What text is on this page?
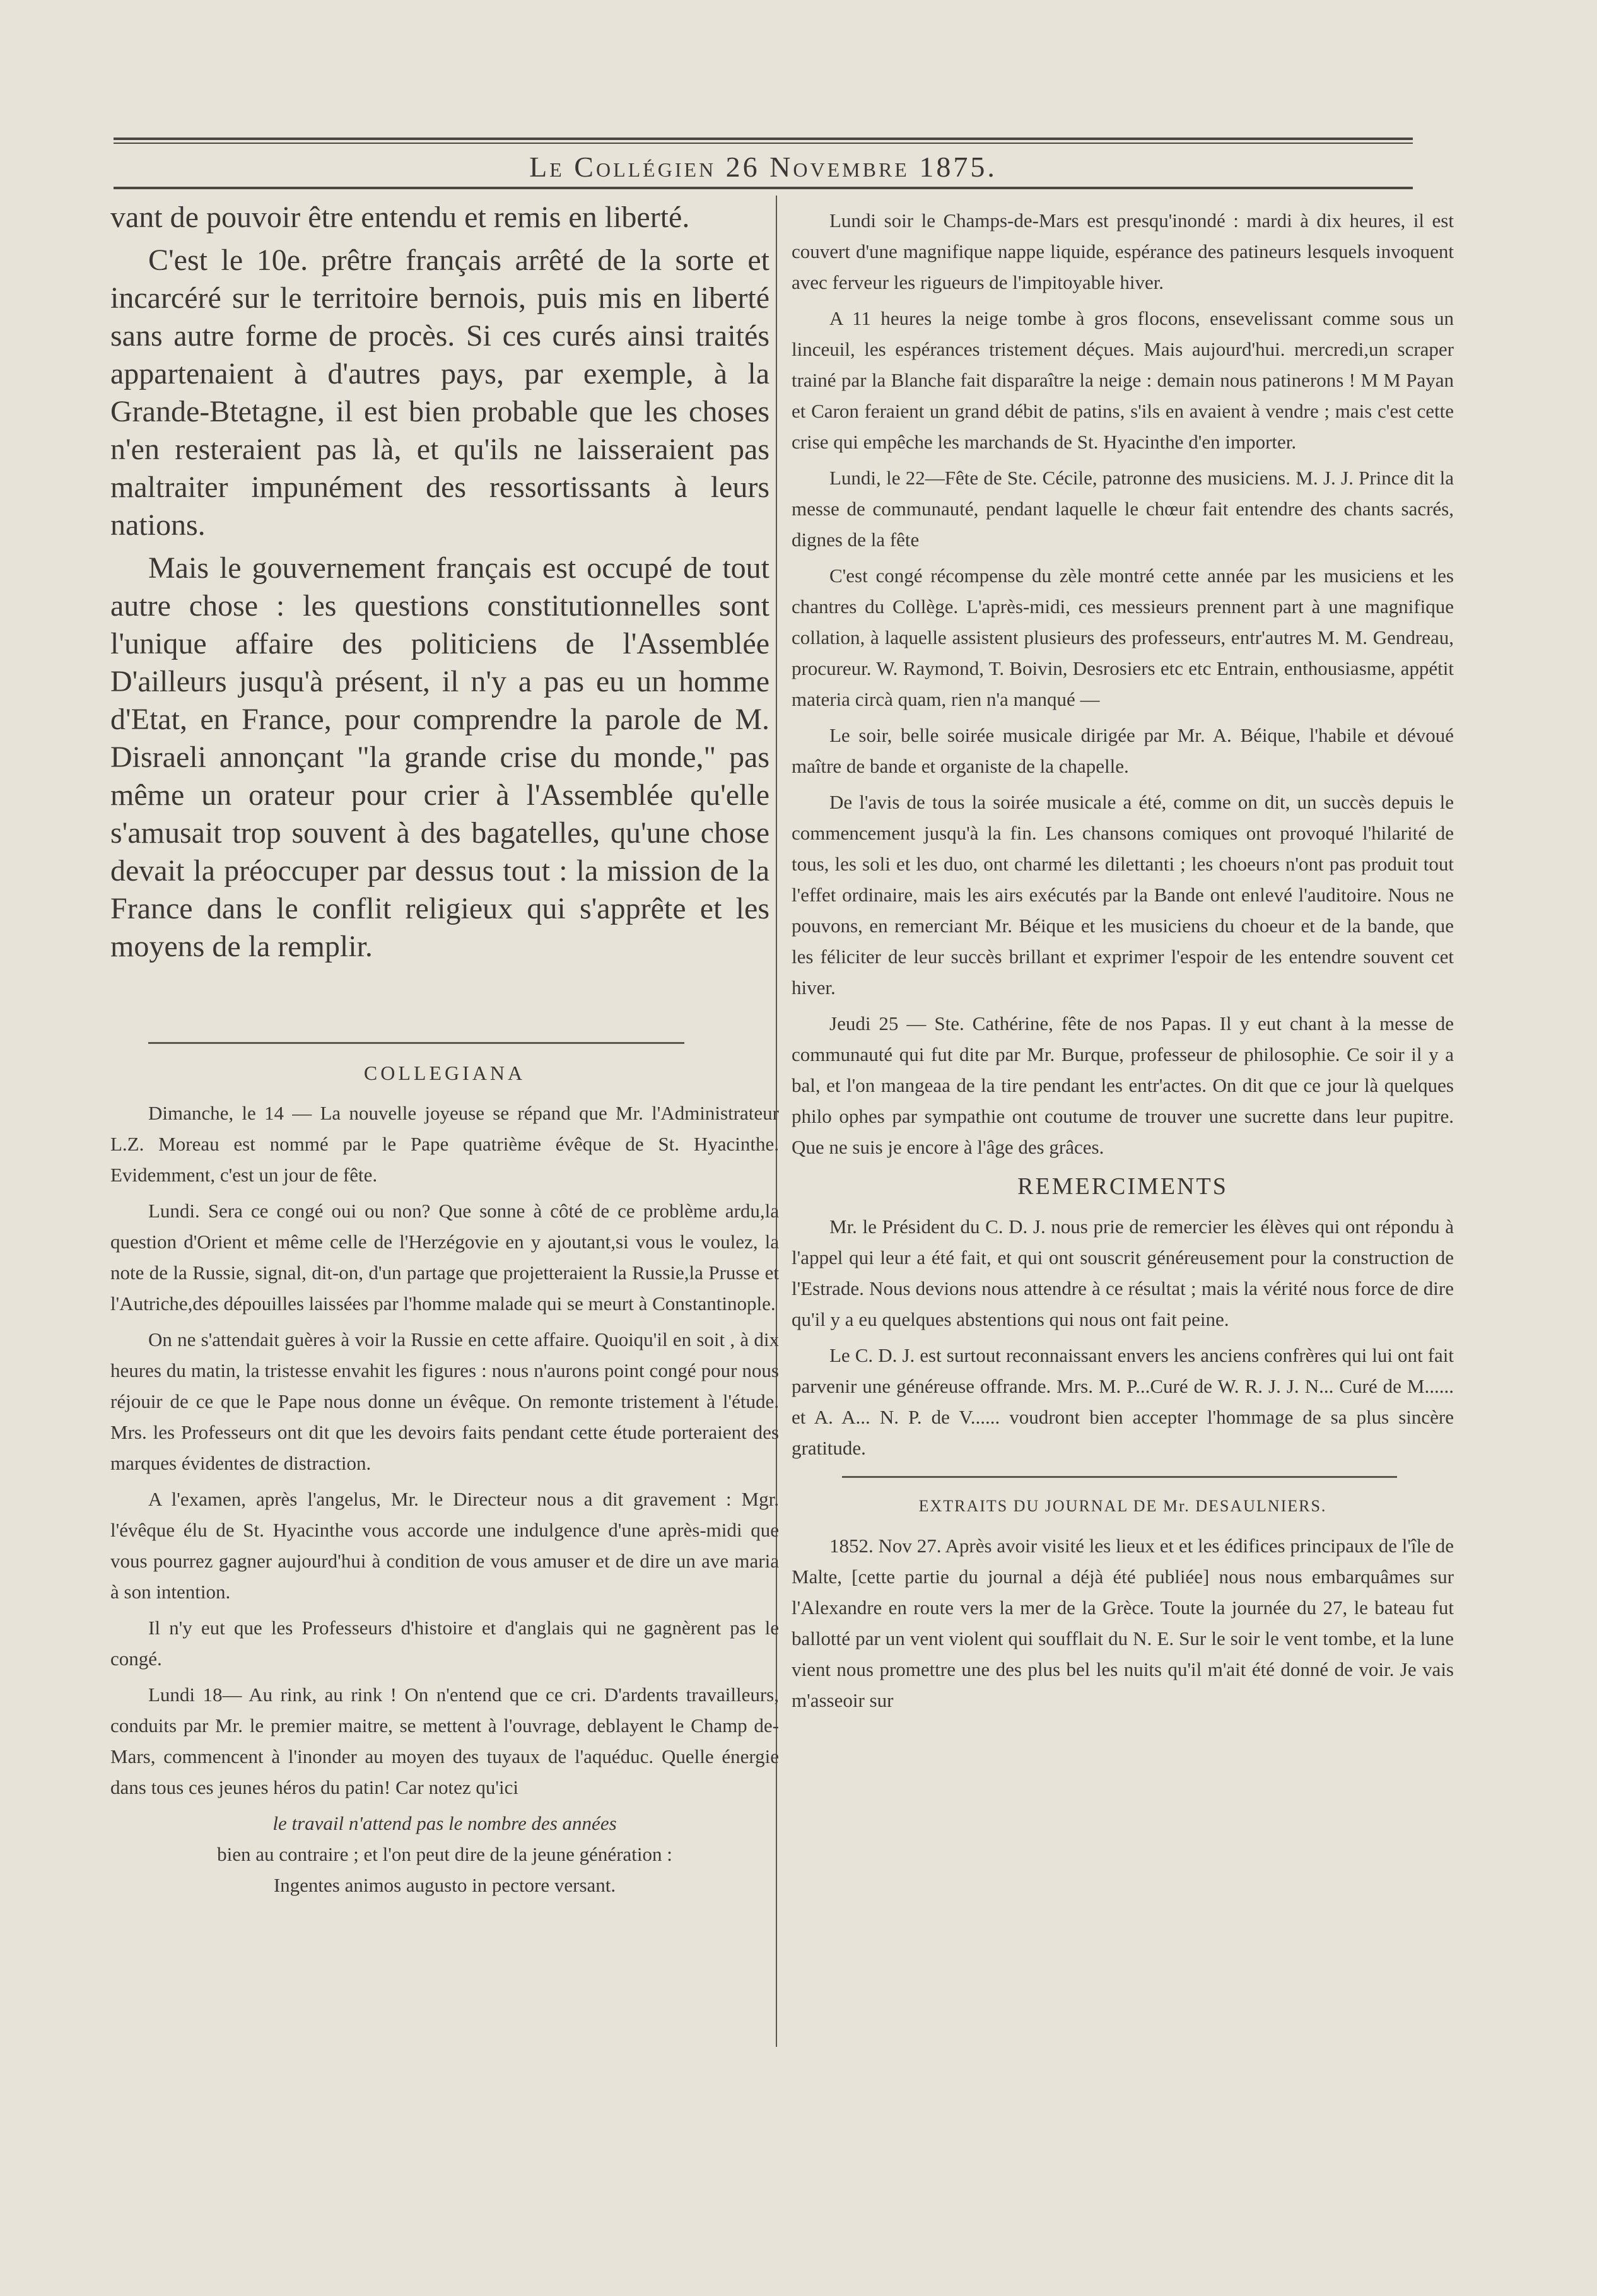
Le Collégien 26 Novembre 1875.

vant de pouvoir être entendu et remis en liberté.

C'est le 10e. prêtre français arrêté de la sorte et incarcéré sur le territoire bernois, puis mis en liberté sans autre forme de procès. Si ces curés ainsi traités appartenaient à d'autres pays, par exemple, à la Grande-Btetagne, il est bien probable que les choses n'en resteraient pas là, et qu'ils ne laisseraient pas maltraiter impunément des ressortissants à leurs nations.

Mais le gouvernement français est occupé de tout autre chose : les questions constitutionnelles sont l'unique affaire des politiciens de l'Assemblée D'ailleurs jusqu'à présent, il n'y a pas eu un homme d'Etat, en France, pour comprendre la parole de M. Disraeli annonçant "la grande crise du monde," pas même un orateur pour crier à l'Assemblée qu'elle s'amusait trop souvent à des bagatelles, qu'une chose devait la préoccuper par dessus tout : la mission de la France dans le conflit religieux qui s'apprête et les moyens de la remplir.

COLLEGIANA

Dimanche, le 14 — La nouvelle joyeuse se répand que Mr. l'Administrateur L.Z. Moreau est nommé par le Pape quatrième évêque de St. Hyacinthe. Evidemment, c'est un jour de fête.

Lundi. Sera ce congé oui ou non? Que sonne à côté de ce problème ardu,la question d'Orient et même celle de l'Herzégovie en y ajoutant,si vous le voulez, la note de la Russie, signal, dit-on, d'un partage que projetteraient la Russie,la Prusse et l'Autriche,des dépouilles laissées par l'homme malade qui se meurt à Constantinople.

On ne s'attendait guères à voir la Russie en cette affaire. Quoiqu'il en soit , à dix heures du matin, la tristesse envahit les figures : nous n'aurons point congé pour nous réjouir de ce que le Pape nous donne un évêque. On remonte tristement à l'étude. Mrs. les Professeurs ont dit que les devoirs faits pendant cette étude porteraient des marques évidentes de distraction.

A l'examen, après l'angelus, Mr. le Directeur nous a dit gravement : Mgr. l'évêque élu de St. Hyacinthe vous accorde une indulgence d'une après-midi que vous pourrez gagner aujourd'hui à condition de vous amuser et de dire un ave maria à son intention.

Il n'y eut que les Professeurs d'histoire et d'anglais qui ne gagnèrent pas le congé.

Lundi 18— Au rink, au rink ! On n'entend que ce cri. D'ardents travailleurs, conduits par Mr. le premier maitre, se mettent à l'ouvrage, deblayent le Champ de-Mars, commencent à l'inonder au moyen des tuyaux de l'aquéduc. Quelle énergie dans tous ces jeunes héros du patin! Car notez qu'ici

le travail n'attend pas le nombre des années

bien au contraire ; et l'on peut dire de la jeune génération :

Ingentes animos augusto in pectore versant.

Lundi soir le Champs-de-Mars est presqu'inondé : mardi à dix heures, il est couvert d'une magnifique nappe liquide, espérance des patineurs lesquels invoquent avec ferveur les rigueurs de l'impitoyable hiver.

A 11 heures la neige tombe à gros flocons, ensevelissant comme sous un linceuil, les espérances tristement déçues. Mais aujourd'hui. mercredi,un scraper trainé par la Blanche fait disparaître la neige : demain nous patinerons ! M M Payan et Caron feraient un grand débit de patins, s'ils en avaient à vendre ; mais c'est cette crise qui empêche les marchands de St. Hyacinthe d'en importer.

Lundi, le 22—Fête de Ste. Cécile, patronne des musiciens. M. J. J. Prince dit la messe de communauté, pendant laquelle le chœur fait entendre des chants sacrés, dignes de la fête

C'est congé récompense du zèle montré cette année par les musiciens et les chantres du Collège. L'après-midi, ces messieurs prennent part à une magnifique collation, à laquelle assistent plusieurs des professeurs, entr'autres M. M. Gendreau, procureur. W. Raymond, T. Boivin, Desrosiers etc etc Entrain, enthousiasme, appétit materia circà quam, rien n'a manqué —

Le soir, belle soirée musicale dirigée par Mr. A. Béique, l'habile et dévoué maître de bande et organiste de la chapelle.

De l'avis de tous la soirée musicale a été, comme on dit, un succès depuis le commencement jusqu'à la fin. Les chansons comiques ont provoqué l'hilarité de tous, les soli et les duo, ont charmé les dilettanti ; les choeurs n'ont pas produit tout l'effet ordinaire, mais les airs exécutés par la Bande ont enlevé l'auditoire. Nous ne pouvons, en remerciant Mr. Béique et les musiciens du choeur et de la bande, que les féliciter de leur succès brillant et exprimer l'espoir de les entendre souvent cet hiver.

Jeudi 25 — Ste. Cathérine, fête de nos Papas. Il y eut chant à la messe de communauté qui fut dite par Mr. Burque, professeur de philosophie. Ce soir il y a bal, et l'on mangeaa de la tire pendant les entr'actes. On dit que ce jour là quelques philo ophes par sympathie ont coutume de trouver une sucrette dans leur pupitre. Que ne suis je encore à l'âge des grâces.

REMERCIMENTS

Mr. le Président du C. D. J. nous prie de remercier les élèves qui ont répondu à l'appel qui leur a été fait, et qui ont souscrit généreusement pour la construction de l'Estrade. Nous devions nous attendre à ce résultat ; mais la vérité nous force de dire qu'il y a eu quelques abstentions qui nous ont fait peine.

Le C. D. J. est surtout reconnaissant envers les anciens confrères qui lui ont fait parvenir une généreuse offrande. Mrs. M. P...Curé de W. R. J. J. N... Curé de M...... et A. A... N. P. de V...... voudront bien accepter l'hommage de sa plus sincère gratitude.

EXTRAITS DU JOURNAL DE Mr. DESAULNIERS.

1852. Nov 27. Après avoir visité les lieux et et les édifices principaux de l'île de Malte, [cette partie du journal a déjà été publiée] nous nous embarquâmes sur l'Alexandre en route vers la mer de la Grèce. Toute la journée du 27, le bateau fut ballotté par un vent violent qui soufflait du N. E. Sur le soir le vent tombe, et la lune vient nous promettre une des plus bel les nuits qu'il m'ait été donné de voir. Je vais m'asseoir sur
